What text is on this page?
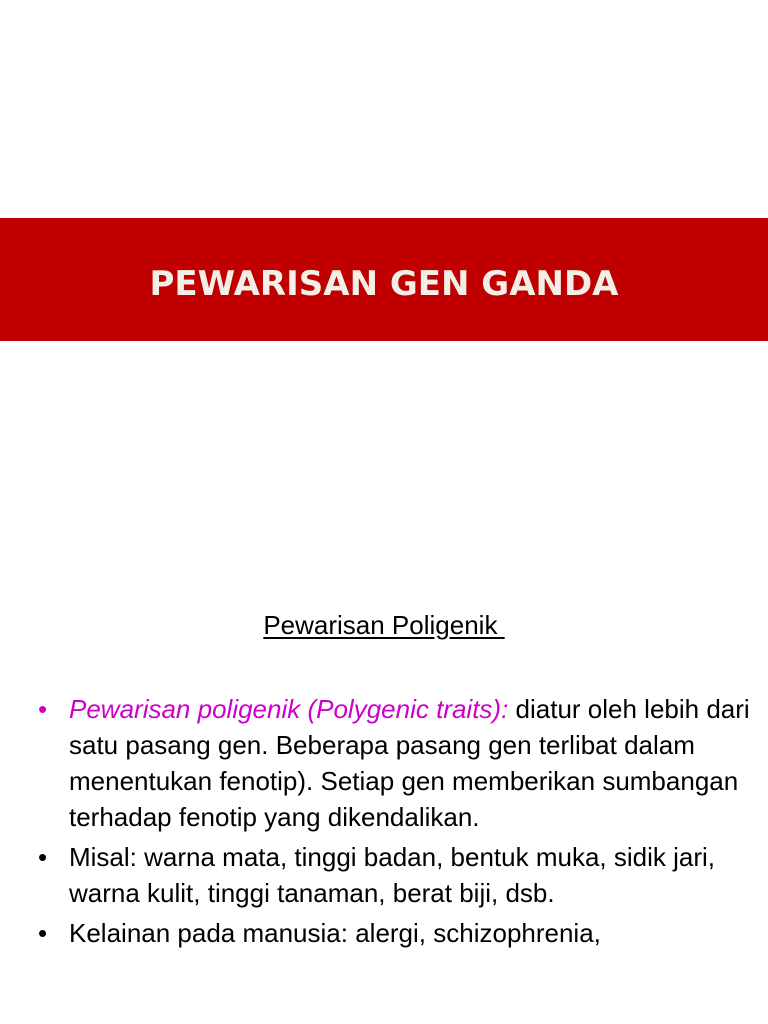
PEWARISAN GEN GANDA
Pewarisan Poligenik
• Pewarisan poligenik (Polygenic traits): diatur oleh lebih dari satu pasang gen. Beberapa pasang gen terlibat dalam menentukan fenotip). Setiap gen memberikan sumbangan terhadap fenotip yang dikendalikan.
• Misal: warna mata, tinggi badan, bentuk muka, sidik jari, warna kulit, tinggi tanaman, berat biji, dsb.
• Kelainan pada manusia: alergi, schizophrenia,
